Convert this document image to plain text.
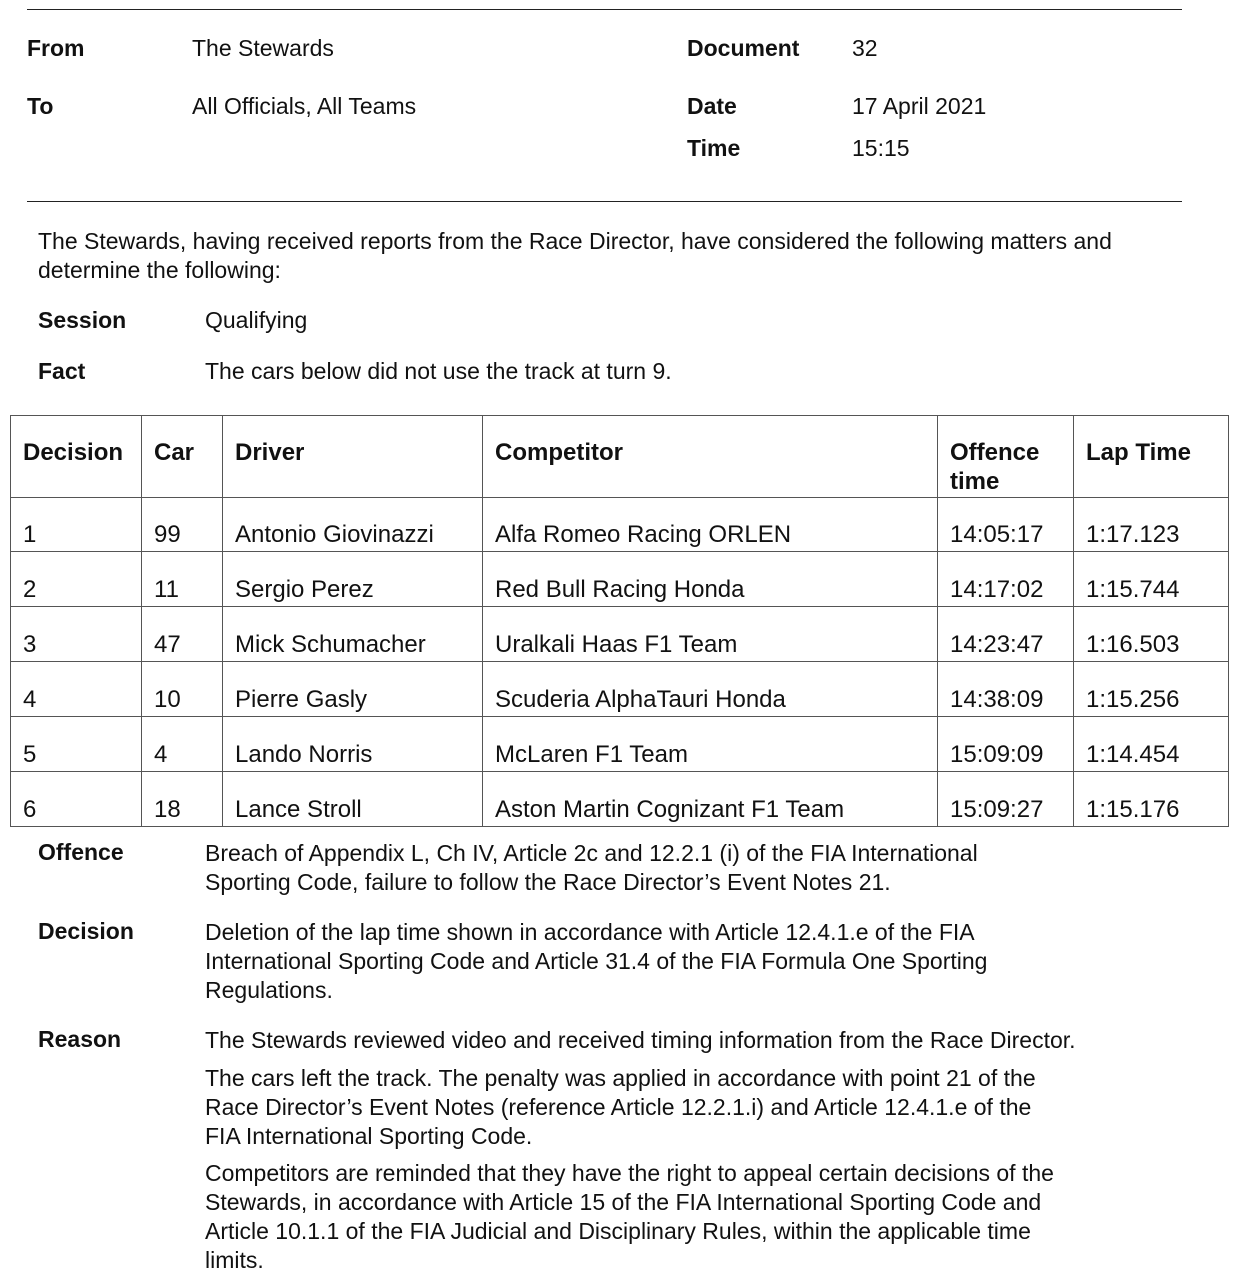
From	The Stewards	Document 32
To	All Officials, All Teams	Date	17 April 2021
Time	15:15
The Stewards, having received reports from the Race Director, have considered the following matters and determine the following:
Session	Qualifying
Fact	The cars below did not use the track at turn 9.
Decision	Car	Driver	Competitor	Offence time	Lap Time
1	99	Antonio Giovinazzi	Alfa Romeo Racing ORLEN	14:05:17	1:17.123
2	11	Sergio Perez	Red Bull Racing Honda	14:17:02	1:15.744
3	47	Mick Schumacher	Uralkali Haas F1 Team	14:23:47	1:16.503
4	10	Pierre Gasly	Scuderia AlphaTauri Honda	14:38:09	1:15.256
5	4	Lando Norris	McLaren F1 Team	15:09:09	1:14.454
6	18	Lance Stroll	Aston Martin Cognizant F1 Team	15:09:27	1:15.176
Offence	Breach of Appendix L, Ch IV, Article 2c and 12.2.1 (i) of the FIA International
Sporting Code, failure to follow the Race Director’s Event Notes 21.
Decision	Deletion of the lap time shown in accordance with Article 12.4.1.e of the FIA
International Sporting Code and Article 31.4 of the FIA Formula One Sporting
Regulations.
Reason	The Stewards reviewed video and received timing information from the Race Director.
The cars left the track. The penalty was applied in accordance with point 21 of the
Race Director’s Event Notes (reference Article 12.2.1.i) and Article 12.4.1.e of the
FIA International Sporting Code.
Competitors are reminded that they have the right to appeal certain decisions of the
Stewards, in accordance with Article 15 of the FIA International Sporting Code and
Article 10.1.1 of the FIA Judicial and Disciplinary Rules, within the applicable time
limits.
